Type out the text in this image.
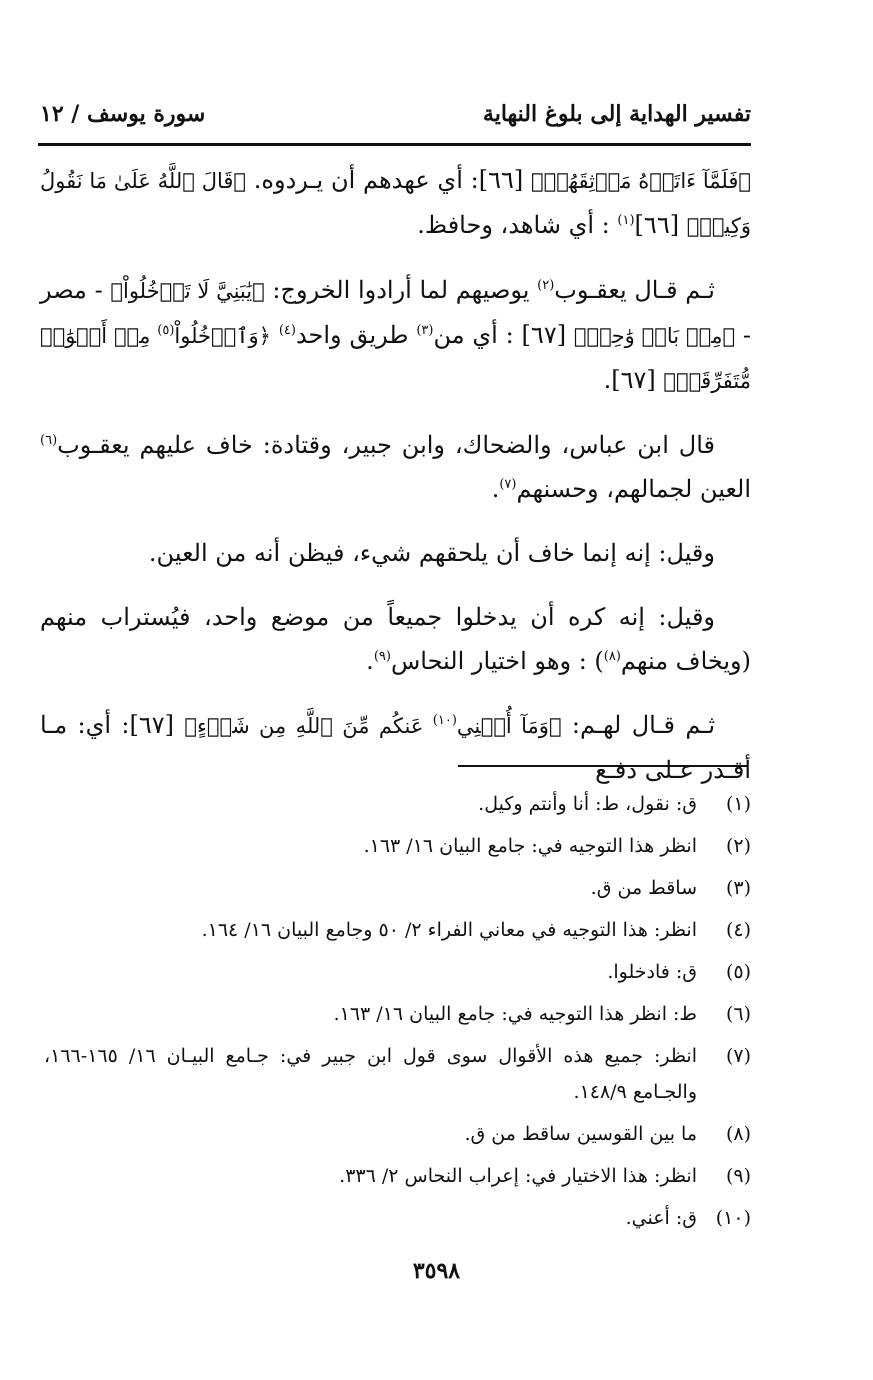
تفسير الهداية إلى بلوغ النهاية
سورة يوسف / ١٢

﴿فَلَمَّآ ءَاتَوۡهُ مَوۡثِقَهُمۡ﴾ [٦٦]: أي عهدهم أن يـردوه. ﴿قَالَ ٱللَّهُ عَلَىٰ مَا نَقُولُ وَكِيلٞ﴾ [٦٦]$^{(١)}$ : أي شاهد، وحافظ.

ثـم قـال يعقـوب$^{(٢)}$ يوصيهم لما أرادوا الخروج: ﴿يَٰبَنِيَّ لَا تَدۡخُلُواْ﴾ - مصر - ﴿مِنۢ بَابٖ وَٰحِدٖ﴾ [٦٧] : أي من$^{(٣)}$ طريق واحد$^{(٤)}$ ﴿وَٱدۡخُلُواْ$^{(٥)}$ مِنۡ أَبۡوَٰبٖ مُّتَفَرِّقَةٖ﴾ [٦٧].

قال ابن عباس، والضحاك، وابن جبير، وقتادة: خاف عليهم يعقـوب$^{(٦)}$ العين لجمالهم، وحسنهم$^{(٧)}$.

وقيل: إنه إنما خاف أن يلحقهم شيء، فيظن أنه من العين.

وقيل: إنه كره أن يدخلوا جميعاً من موضع واحد، فيُستراب منهم (ويخاف منهم$^{(٨)}$) : وهو اختيار النحاس$^{(٩)}$.

ثـم قـال لهـم: ﴿وَمَآ أُغۡنِي$^{(١٠)}$ عَنكُم مِّنَ ٱللَّهِ مِن شَيۡءٍ﴾ [٦٧]: أي: مـا أقـدر عـلى دفـع

(١)
ق: نقول، ط: أنا وأنتم وكيل.
(٢)
انظر هذا التوجيه في: جامع البيان ١٦/ ١٦٣.
(٣)
ساقط من ق.
(٤)
انظر: هذا التوجيه في معاني الفراء ٢/ ٥٠ وجامع البيان ١٦/ ١٦٤.
(٥)
ق: فادخلوا.
(٦)
ط: انظر هذا التوجيه في: جامع البيان ١٦/ ١٦٣.
(٧)
انظر: جميع هذه الأقوال سوى قول ابن جبير في: جـامع البيـان ١٦/ ١٦٥-١٦٦، والجـامع ١٤٨/٩.
(٨)
ما بين القوسين ساقط من ق.
(٩)
انظر: هذا الاختيار في: إعراب النحاس ٢/ ٣٣٦.
(١٠)
ق: أعني.
٣٥٩٨
